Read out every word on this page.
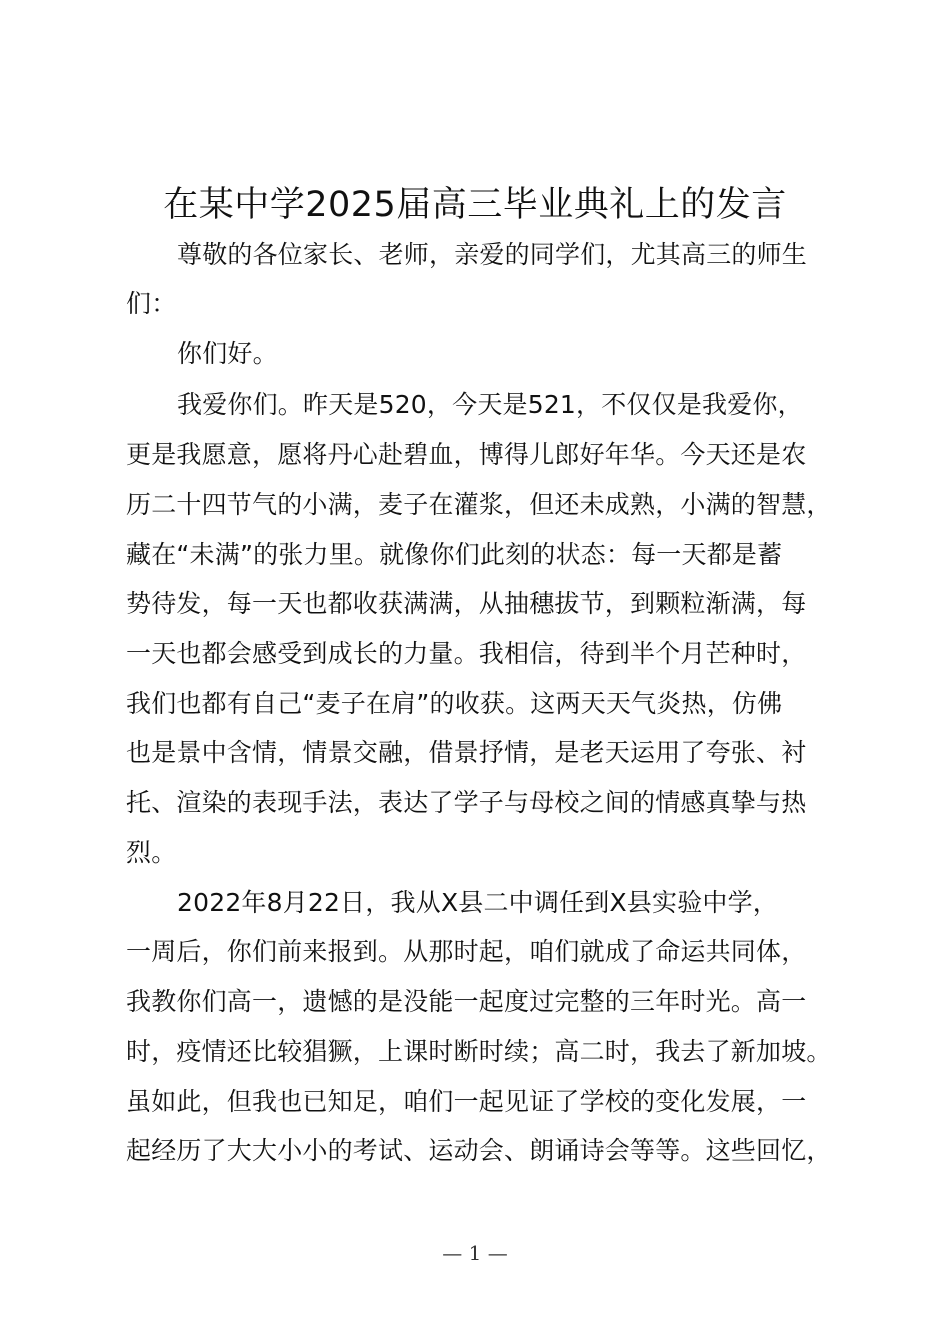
在某中学2025届高三毕业典礼上的发言
尊敬的各位家长、老师，亲爱的同学们，尤其高三的师生
们：
你们好。
我爱你们。昨天是520，今天是521，不仅仅是我爱你，
更是我愿意，愿将丹心赴碧血，博得儿郎好年华。今天还是农
历二十四节气的小满，麦子在灌浆，但还未成熟，小满的智慧，
藏在“未满”的张力里。就像你们此刻的状态：每一天都是蓄
势待发，每一天也都收获满满，从抽穗拔节，到颗粒渐满，每
一天也都会感受到成长的力量。我相信，待到半个月芒种时，
我们也都有自己“麦子在肩”的收获。这两天天气炎热，仿佛
也是景中含情，情景交融，借景抒情，是老天运用了夸张、衬
托、渲染的表现手法，表达了学子与母校之间的情感真挚与热
烈。
2022年8月22日，我从X县二中调任到X县实验中学，
一周后，你们前来报到。从那时起，咱们就成了命运共同体，
我教你们高一，遗憾的是没能一起度过完整的三年时光。高一
时，疫情还比较猖獗，上课时断时续；高二时，我去了新加坡。
虽如此，但我也已知足，咱们一起见证了学校的变化发展，一
起经历了大大小小的考试、运动会、朗诵诗会等等。这些回忆，
— 1 —
